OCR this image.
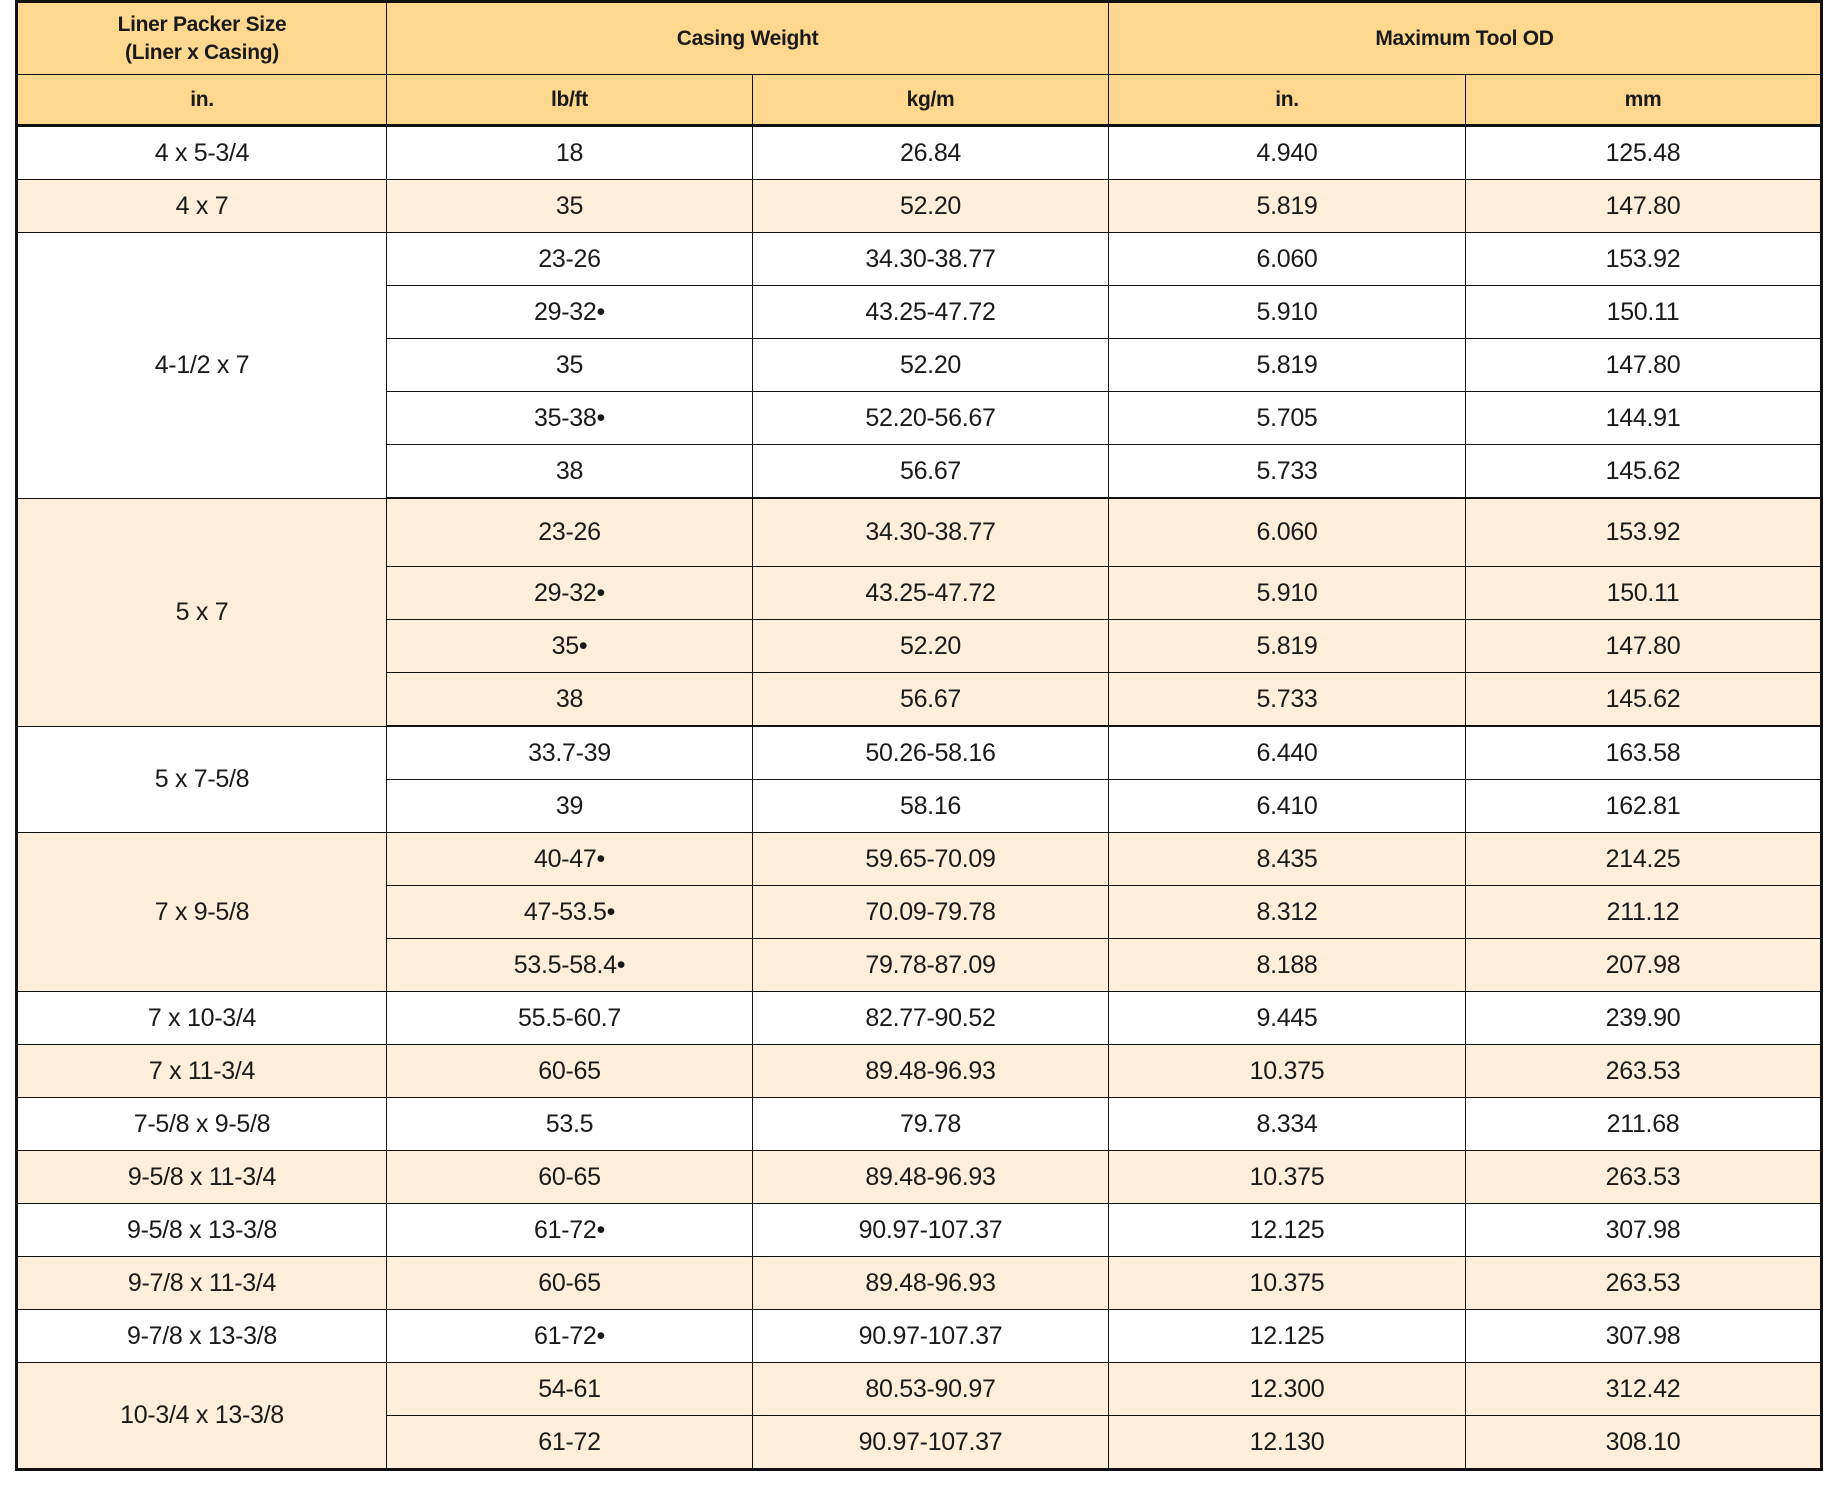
Liner Packer Size
(Liner x Casing)	Casing Weight		Maximum Tool OD	
in.	lb/ft	kg/m	in.	mm
4 x 5-3/4	18	26.84	4.940	125.48
4 x 7	35	52.20	5.819	147.80
4-1/2 x 7	23-26	34.30-38.77	6.060	153.92
	29-32•	43.25-47.72	5.910	150.11
	35	52.20	5.819	147.80
	35-38•	52.20-56.67	5.705	144.91
	38	56.67	5.733	145.62
5 x 7	23-26	34.30-38.77	6.060	153.92
	29-32•	43.25-47.72	5.910	150.11
	35•	52.20	5.819	147.80
	38	56.67	5.733	145.62
5 x 7-5/8	33.7-39	50.26-58.16	6.440	163.58
	39	58.16	6.410	162.81
7 x 9-5/8	40-47•	59.65-70.09	8.435	214.25
	47-53.5•	70.09-79.78	8.312	211.12
	53.5-58.4•	79.78-87.09	8.188	207.98
7 x 10-3/4	55.5-60.7	82.77-90.52	9.445	239.90
7 x 11-3/4	60-65	89.48-96.93	10.375	263.53
7-5/8 x 9-5/8	53.5	79.78	8.334	211.68
9-5/8 x 11-3/4	60-65	89.48-96.93	10.375	263.53
9-5/8 x 13-3/8	61-72•	90.97-107.37	12.125	307.98
9-7/8 x 11-3/4	60-65	89.48-96.93	10.375	263.53
9-7/8 x 13-3/8	61-72•	90.97-107.37	12.125	307.98
10-3/4 x 13-3/8	54-61	80.53-90.97	12.300	312.42
	61-72	90.97-107.37	12.130	308.10
